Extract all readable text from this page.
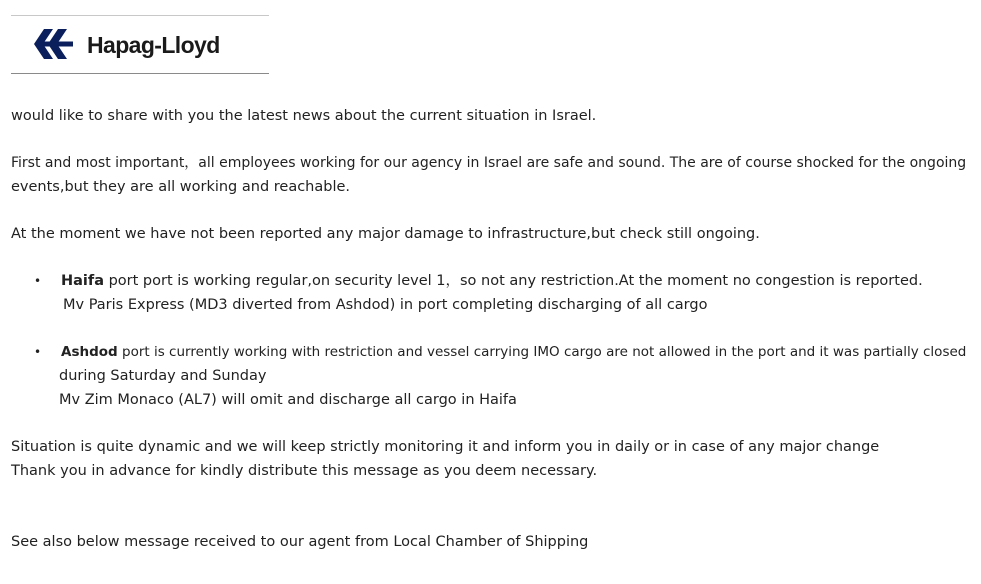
Hapag-Lloyd
would like to share with you the latest news about the current situation in Israel.
First and most important，all employees working for our agency in Israel are safe and sound. The are of course shocked for the ongoing
events,but they are all working and reachable.
At the moment we have not been reported any major damage to infrastructure,but check still ongoing.
• Haifa port port is working regular,on security level 1，so not any restriction.At the moment no congestion is reported.
Mv Paris Express (MD3 diverted from Ashdod) in port completing discharging of all cargo
• Ashdod port is currently working with restriction and vessel carrying IMO cargo are not allowed in the port and it was partially closed
during Saturday and Sunday
Mv Zim Monaco (AL7) will omit and discharge all cargo in Haifa
Situation is quite dynamic and we will keep strictly monitoring it and inform you in daily or in case of any major change
Thank you in advance for kindly distribute this message as you deem necessary.
See also below message received to our agent from Local Chamber of Shipping
